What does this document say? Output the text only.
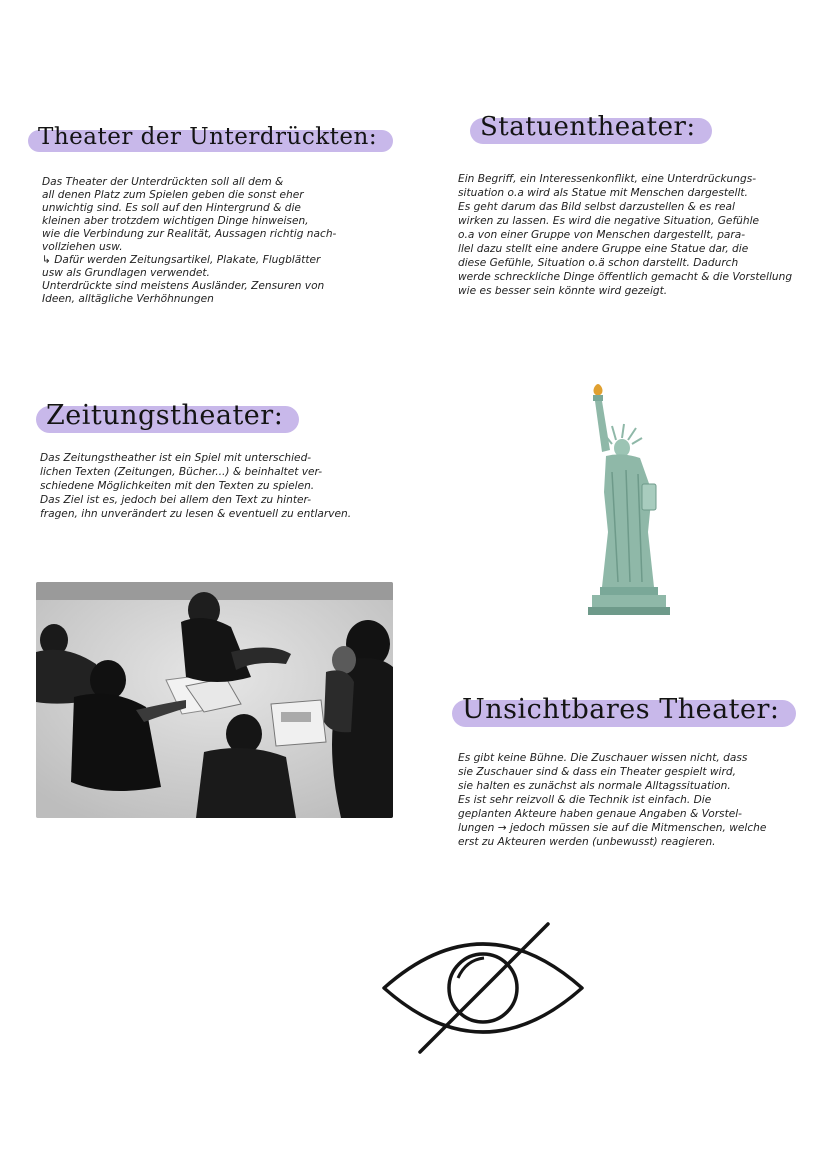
Theater der Unterdrückten:

Das Theater der Unterdrückten soll all dem &
all denen Platz zum Spielen geben die sonst eher
unwichtig sind. Es soll auf den Hintergrund & die
kleinen aber trotzdem wichtigen Dinge hinweisen,
wie die Verbindung zur Realität, Aussagen richtig nach-
vollziehen usw.
↳ Dafür werden Zeitungsartikel, Plakate, Flugblätter
usw als Grundlagen verwendet.
Unterdrückte sind meistens Ausländer, Zensuren von
Ideen, alltägliche Verhöhnungen

Statuentheater:

Ein Begriff, ein Interessenkonflikt, eine Unterdrückungs-
situation o.a wird als Statue mit Menschen dargestellt.
Es geht darum das Bild selbst darzustellen & es real
wirken zu lassen. Es wird die negative Situation, Gefühle
o.a von einer Gruppe von Menschen dargestellt, para-
llel dazu stellt eine andere Gruppe eine Statue dar, die
diese Gefühle, Situation o.ä schon darstellt. Dadurch
werde schreckliche Dinge öffentlich gemacht & die Vorstellung
wie es besser sein könnte wird gezeigt.

Zeitungstheater:

Das Zeitungstheather ist ein Spiel mit unterschied-
lichen Texten (Zeitungen, Bücher...) & beinhaltet ver-
schiedene Möglichkeiten mit den Texten zu spielen.
Das Ziel ist es, jedoch bei allem den Text zu hinter-
fragen, ihn unverändert zu lesen & eventuell zu entlarven.

Unsichtbares Theater:

Es gibt keine Bühne. Die Zuschauer wissen nicht, dass
sie Zuschauer sind & dass ein Theater gespielt wird,
sie halten es zunächst als normale Alltagssituation.
Es ist sehr reizvoll & die Technik ist einfach. Die
geplanten Akteure haben genaue Angaben & Vorstel-
lungen → jedoch müssen sie auf die Mitmenschen, welche
erst zu Akteuren werden (unbewusst) reagieren.
